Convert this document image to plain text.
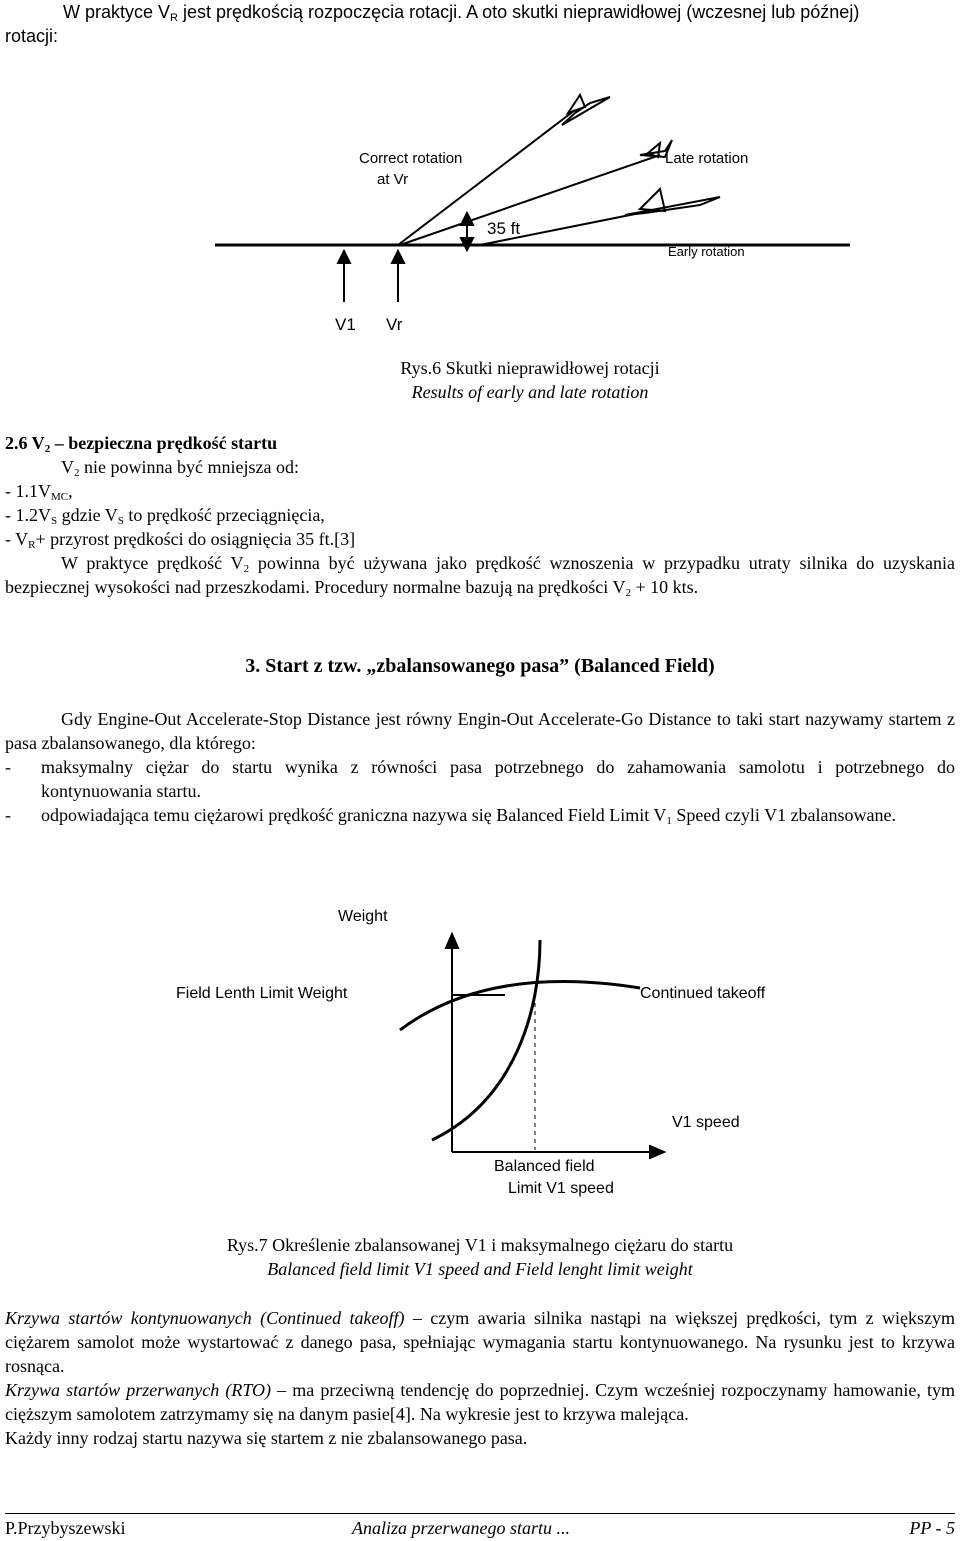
W praktyce $V_R$ jest prędkością rozpoczęcia rotacji. A oto skutki nieprawidłowej (wczesnej lub późnej)
rotacji:
Correct rotation
at Vr
Late rotation
35 ft
Early rotation
V1 Vr
Rys.6 Skutki nieprawidłowej rotacji
Results of early and late rotation
2.6 $V_2$ – bezpieczna prędkość startu
$V_2$ nie powinna być mniejsza od:
- $1.1V_{MC}$,
- $1.2V_S$ gdzie $V_S$ to prędkość przeciągnięcia,
- $V_R+$ przyrost prędkości do osiągnięcia 35 ft.[3]
W praktyce prędkość $V_2$ powinna być używana jako prędkość wznoszenia w przypadku utraty silnika do uzyskania bezpiecznej wysokości nad przeszkodami. Procedury normalne bazują na prędkości $V_2 + 10$ kts.
3. Start z tzw. „zbalansowanego pasa” (Balanced Field)
Gdy Engine-Out Accelerate-Stop Distance jest równy Engin-Out Accelerate-Go Distance to taki start nazywamy startem z pasa zbalansowanego, dla którego:
- maksymalny ciężar do startu wynika z równości pasa potrzebnego do zahamowania samolotu i potrzebnego do kontynuowania startu.
- odpowiadająca temu ciężarowi prędkość graniczna nazywa się Balanced Field Limit $V_1$ Speed czyli V1 zbalansowane.
Weight
Field Lenth Limit Weight	Continued takeoff
V1 speed
Balanced field
Limit V1 speed
Rys.7 Określenie zbalansowanej V1 i maksymalnego ciężaru do startu
Balanced field limit V1 speed and Field lenght limit weight
Krzywa startów kontynuowanych (Continued takeoff) – czym awaria silnika nastąpi na większej prędkości, tym z większym ciężarem samolot może wystartować z danego pasa, spełniając wymagania startu kontynuowanego. Na rysunku jest to krzywa rosnąca.
Krzywa startów przerwanych (RTO) – ma przeciwną tendencję do poprzedniej. Czym wcześniej rozpoczynamy hamowanie, tym cięższym samolotem zatrzymamy się na danym pasie[4]. Na wykresie jest to krzywa malejąca.
Każdy inny rodzaj startu nazywa się startem z nie zbalansowanego pasa.
P.Przybyszewski	Analiza przerwanego startu ...	PP - 5
